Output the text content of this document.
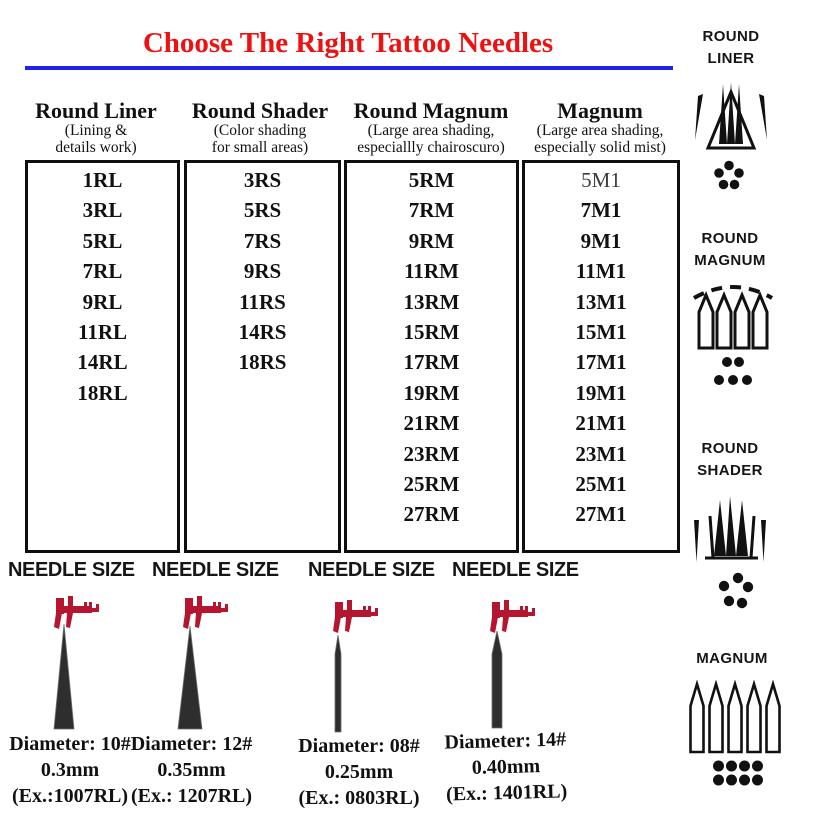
Choose The Right Tattoo Needles
Round Liner
(Lining &
details work)
Round Shader
(Color shading
for small areas)
Round Magnum
(Large area shading,
especiallly chairoscuro)
Magnum
(Large area shading,
especially solid mist)
1RL
3RL
5RL
7RL
9RL
11RL
14RL
18RL
3RS
5RS
7RS
9RS
11RS
14RS
18RS
5RM
7RM
9RM
11RM
13RM
15RM
17RM
19RM
21RM
23RM
25RM
27RM
5M1
7M1
9M1
11M1
13M1
15M1
17M1
19M1
21M1
23M1
25M1
27M1
ROUND
LINER
ROUND
MAGNUM
ROUND
SHADER
MAGNUM
NEEDLE SIZE NEEDLE SIZE NEEDLE SIZE NEEDLE SIZE
Diameter: 10#
0.3mm
(Ex.:1007RL)
Diameter: 12#
0.35mm
(Ex.: 1207RL)
Diameter: 08#
0.25mm
(Ex.: 0803RL)
Diameter: 14#
0.40mm
(Ex.: 1401RL)
